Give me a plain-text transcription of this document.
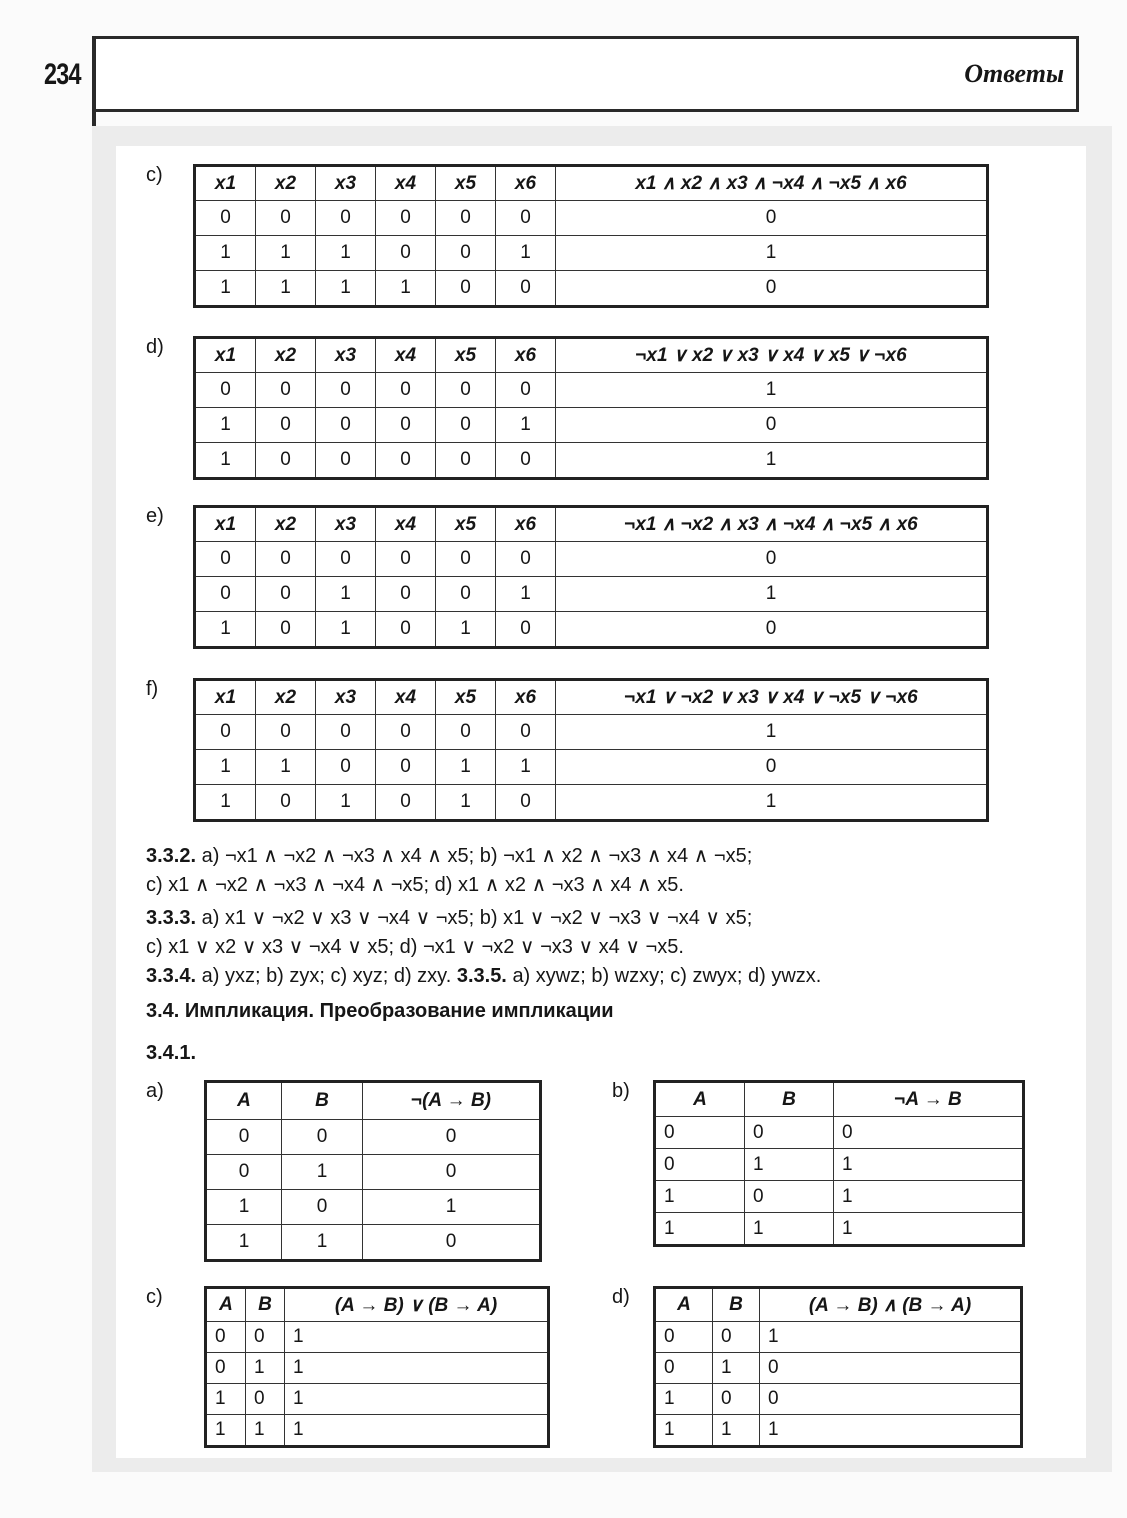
234	Ответы
c)	x1	x2	x3	x4	x5	x6	x1 ∧ x2 ∧ x3 ∧ ¬x4 ∧ ¬x5 ∧ x6
0	0	0	0	0	0	0
1	1	1	0	0	1	1
1	1	1	1	0	0	0
d)	x1	x2	x3	x4	x5	x6	¬x1 ∨ x2 ∨ x3 ∨ x4 ∨ x5 ∨ ¬x6
0	0	0	0	0	0	1
1	0	0	0	0	1	0
1	0	0	0	0	0	1
e)	x1	x2	x3	x4	x5	x6	¬x1 ∧ ¬x2 ∧ x3 ∧ ¬x4 ∧ ¬x5 ∧ x6
0	0	0	0	0	0	0
0	0	1	0	0	1	1
1	0	1	0	1	0	0
f)	x1	x2	x3	x4	x5	x6	¬x1 ∨ ¬x2 ∨ x3 ∨ x4 ∨ ¬x5 ∨ ¬x6
0	0	0	0	0	0	1
1	1	0	0	1	1	0
1	0	1	0	1	0	1
3.3.2. a) ¬x1 ∧ ¬x2 ∧ ¬x3 ∧ x4 ∧ x5; b) ¬x1 ∧ x2 ∧ ¬x3 ∧ x4 ∧ ¬x5;
c) x1 ∧ ¬x2 ∧ ¬x3 ∧ ¬x4 ∧ ¬x5; d) x1 ∧ x2 ∧ ¬x3 ∧ x4 ∧ x5.
3.3.3. a) x1 ∨ ¬x2 ∨ x3 ∨ ¬x4 ∨ ¬x5; b) x1 ∨ ¬x2 ∨ ¬x3 ∨ ¬x4 ∨ x5;
c) x1 ∨ x2 ∨ x3 ∨ ¬x4 ∨ x5; d) ¬x1 ∨ ¬x2 ∨ ¬x3 ∨ x4 ∨ ¬x5.
3.3.4. a) yxz; b) zyx; c) xyz; d) zxy. 3.3.5. a) xywz; b) wzxy; c) zwyx; d) ywzx.
3.4. Импликация. Преобразование импликации
3.4.1.
a)	A	B	¬(A → B)
0	0	0
0	1	0
1	0	1
1	1	0
b)	A	B	¬A → B
0	0	0
0	1	1
1	0	1
1	1	1
c)	A	B	(A → B) ∨ (B → A)
0	0	1
0	1	1
1	0	1
1	1	1
d) A	B	(A → B) ∧ (B → A)
0	0	1
0	1	0
1	0	0
1	1	1
